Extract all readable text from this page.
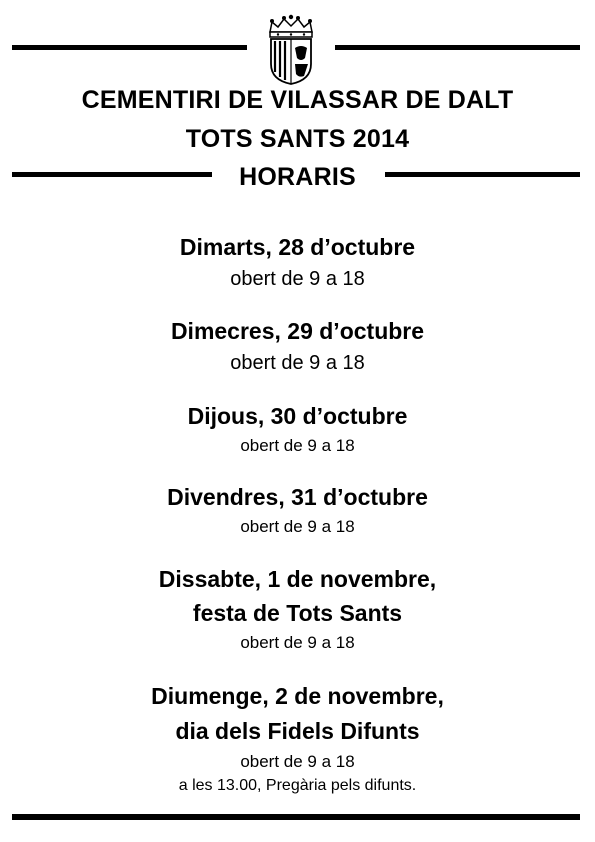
CEMENTIRI DE VILASSAR DE DALT
TOTS SANTS 2014
HORARIS
Dimarts, 28 d’octubre
obert de 9 a 18
Dimecres, 29 d’octubre
obert de 9 a 18
Dijous, 30 d’octubre
obert de 9 a 18
Divendres, 31 d’octubre
obert de 9 a 18
Dissabte, 1 de novembre,
festa de Tots Sants
obert de 9 a 18
Diumenge, 2 de novembre,
dia dels Fidels Difunts
obert de 9 a 18
a les 13.00, Pregària pels difunts.
